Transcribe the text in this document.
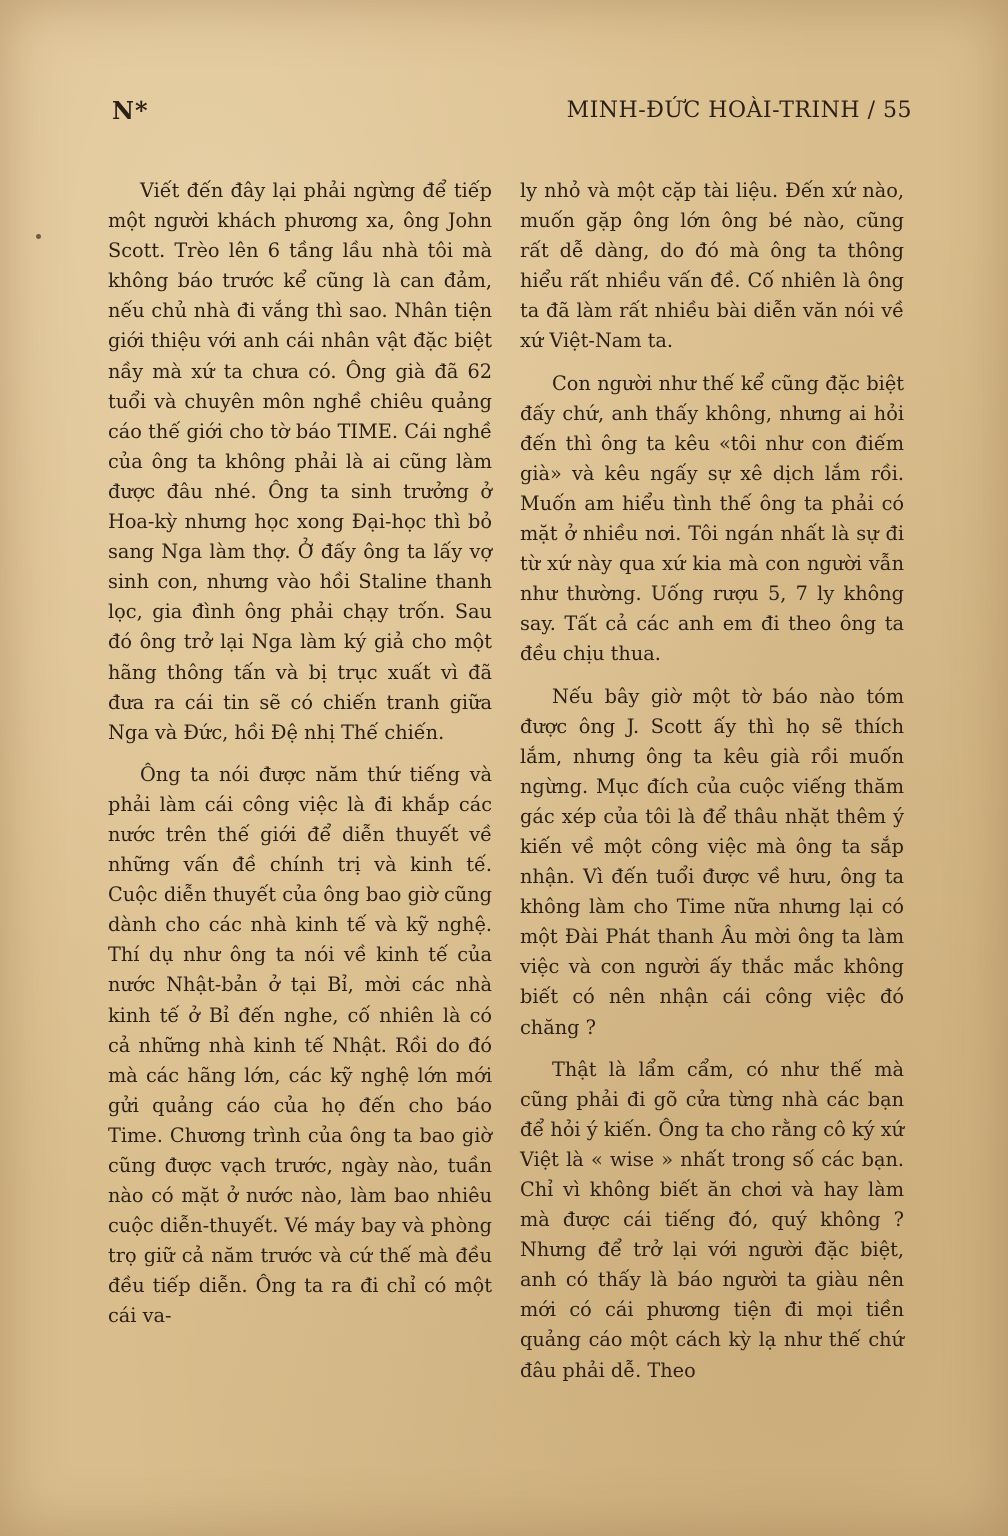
N*	MINH-ĐỨC HOÀI-TRINH / 55

Viết đến đây lại phải ngừng để tiếp một người khách phương xa, ông John Scott. Trèo lên 6 tầng lầu nhà tôi mà không báo trước kể cũng là can đảm, nếu chủ nhà đi vắng thì sao. Nhân tiện giới thiệu với anh cái nhân vật đặc biệt nầy mà xứ ta chưa có. Ông già đã 62 tuổi và chuyên môn nghề chiêu quảng cáo thế giới cho tờ báo TIME. Cái nghề của ông ta không phải là ai cũng làm được đâu nhé. Ông ta sinh trưởng ở Hoa-kỳ nhưng học xong Đại-học thì bỏ sang Nga làm thợ. Ở đấy ông ta lấy vợ sinh con, nhưng vào hồi Staline thanh lọc, gia đình ông phải chạy trốn. Sau đó ông trở lại Nga làm ký giả cho một hãng thông tấn và bị trục xuất vì đã đưa ra cái tin sẽ có chiến tranh giữa Nga và Đức, hồi Đệ nhị Thế chiến.

Ông ta nói được năm thứ tiếng và phải làm cái công việc là đi khắp các nước trên thế giới để diễn thuyết về những vấn đề chính trị và kinh tế. Cuộc diễn thuyết của ông bao giờ cũng dành cho các nhà kinh tế và kỹ nghệ. Thí dụ như ông ta nói về kinh tế của nước Nhật-bản ở tại Bỉ, mời các nhà kinh tế ở Bỉ đến nghe, cố nhiên là có cả những nhà kinh tế Nhật. Rồi do đó mà các hãng lớn, các kỹ nghệ lớn mới gửi quảng cáo của họ đến cho báo Time. Chương trình của ông ta bao giờ cũng được vạch trước, ngày nào, tuần nào có mặt ở nước nào, làm bao nhiêu cuộc diễn-thuyết. Vé máy bay và phòng trọ giữ cả năm trước và cứ thế mà đều đều tiếp diễn. Ông ta ra đi chỉ có một cái va-

ly nhỏ và một cặp tài liệu. Đến xứ nào, muốn gặp ông lớn ông bé nào, cũng rất dễ dàng, do đó mà ông ta thông hiểu rất nhiều vấn đề. Cố nhiên là ông ta đã làm rất nhiều bài diễn văn nói về xứ Việt-Nam ta.

Con người như thế kể cũng đặc biệt đấy chứ, anh thấy không, nhưng ai hỏi đến thì ông ta kêu «tôi như con điếm già» và kêu ngấy sự xê dịch lắm rồi. Muốn am hiểu tình thế ông ta phải có mặt ở nhiều nơi. Tôi ngán nhất là sự đi từ xứ này qua xứ kia mà con người vẫn như thường. Uống rượu 5, 7 ly không say. Tất cả các anh em đi theo ông ta đều chịu thua.

Nếu bây giờ một tờ báo nào tóm được ông J. Scott ấy thì họ sẽ thích lắm, nhưng ông ta kêu già rồi muốn ngừng. Mục đích của cuộc viếng thăm gác xép của tôi là để thâu nhặt thêm ý kiến về một công việc mà ông ta sắp nhận. Vì đến tuổi được về hưu, ông ta không làm cho Time nữa nhưng lại có một Đài Phát thanh Âu mời ông ta làm việc và con người ấy thắc mắc không biết có nên nhận cái công việc đó chăng ?

Thật là lẩm cẩm, có như thế mà cũng phải đi gõ cửa từng nhà các bạn để hỏi ý kiến. Ông ta cho rằng cô ký xứ Việt là « wise » nhất trong số các bạn. Chỉ vì không biết ăn chơi và hay làm mà được cái tiếng đó, quý không ? Nhưng để trở lại với người đặc biệt, anh có thấy là báo người ta giàu nên mới có cái phương tiện đi mọi tiền quảng cáo một cách kỳ lạ như thế chứ đâu phải dễ. Theo
